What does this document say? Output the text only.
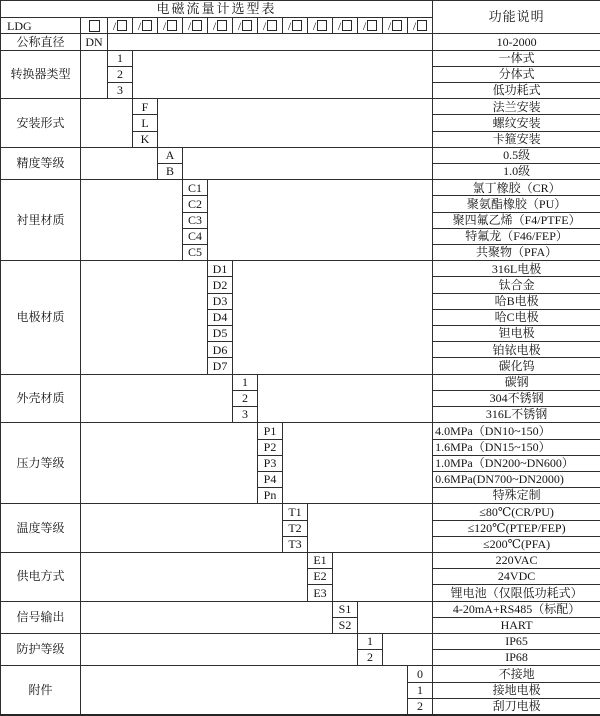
电磁流量计选型表															功能说明
LDG		/	/	/	/	/	/	/	/	/	/	/	/	/	
公称直径	DN														10-2000
转换器类型		1													一体式
		2													分体式
		3													低功耗式
安装形式			F												法兰安装
			L												螺纹安装
			K												卡箍安装
精度等级				A											0.5级
				B											1.0级
衬里材质					C1										氯丁橡胶（CR）
					C2										聚氨酯橡胶（PU）
					C3										聚四氟乙烯（F4/PTFE）
					C4										特氟龙（F46/FEP）
					C5										共聚物（PFA）
电极材质						D1									316L电极
						D2									钛合金
						D3									哈B电极
						D4									哈C电极
						D5									钽电极
						D6									铂铱电极
						D7									碳化钨
外壳材质							1								碳钢
							2								304不锈钢
							3								316L不锈钢
压力等级								P1							4.0MPa（DN10~150）
								P2							1.6MPa（DN15~150）
								P3							1.0MPa（DN200~DN600）
								P4							0.6MPa(DN700~DN2000)
								Pn							特殊定制
温度等级									T1						≤80℃(CR/PU)
									T2						≤120℃(PTEP/FEP)
									T3						≤200℃(PFA)
供电方式										E1					220VAC
										E2					24VDC
										E3					锂电池（仅限低功耗式）
信号输出											S1				4-20mA+RS485（标配）
											S2				HART
防护等级												1			IP65
												2			IP68
附件														0	不接地
														1	接地电极
														2	刮刀电极
